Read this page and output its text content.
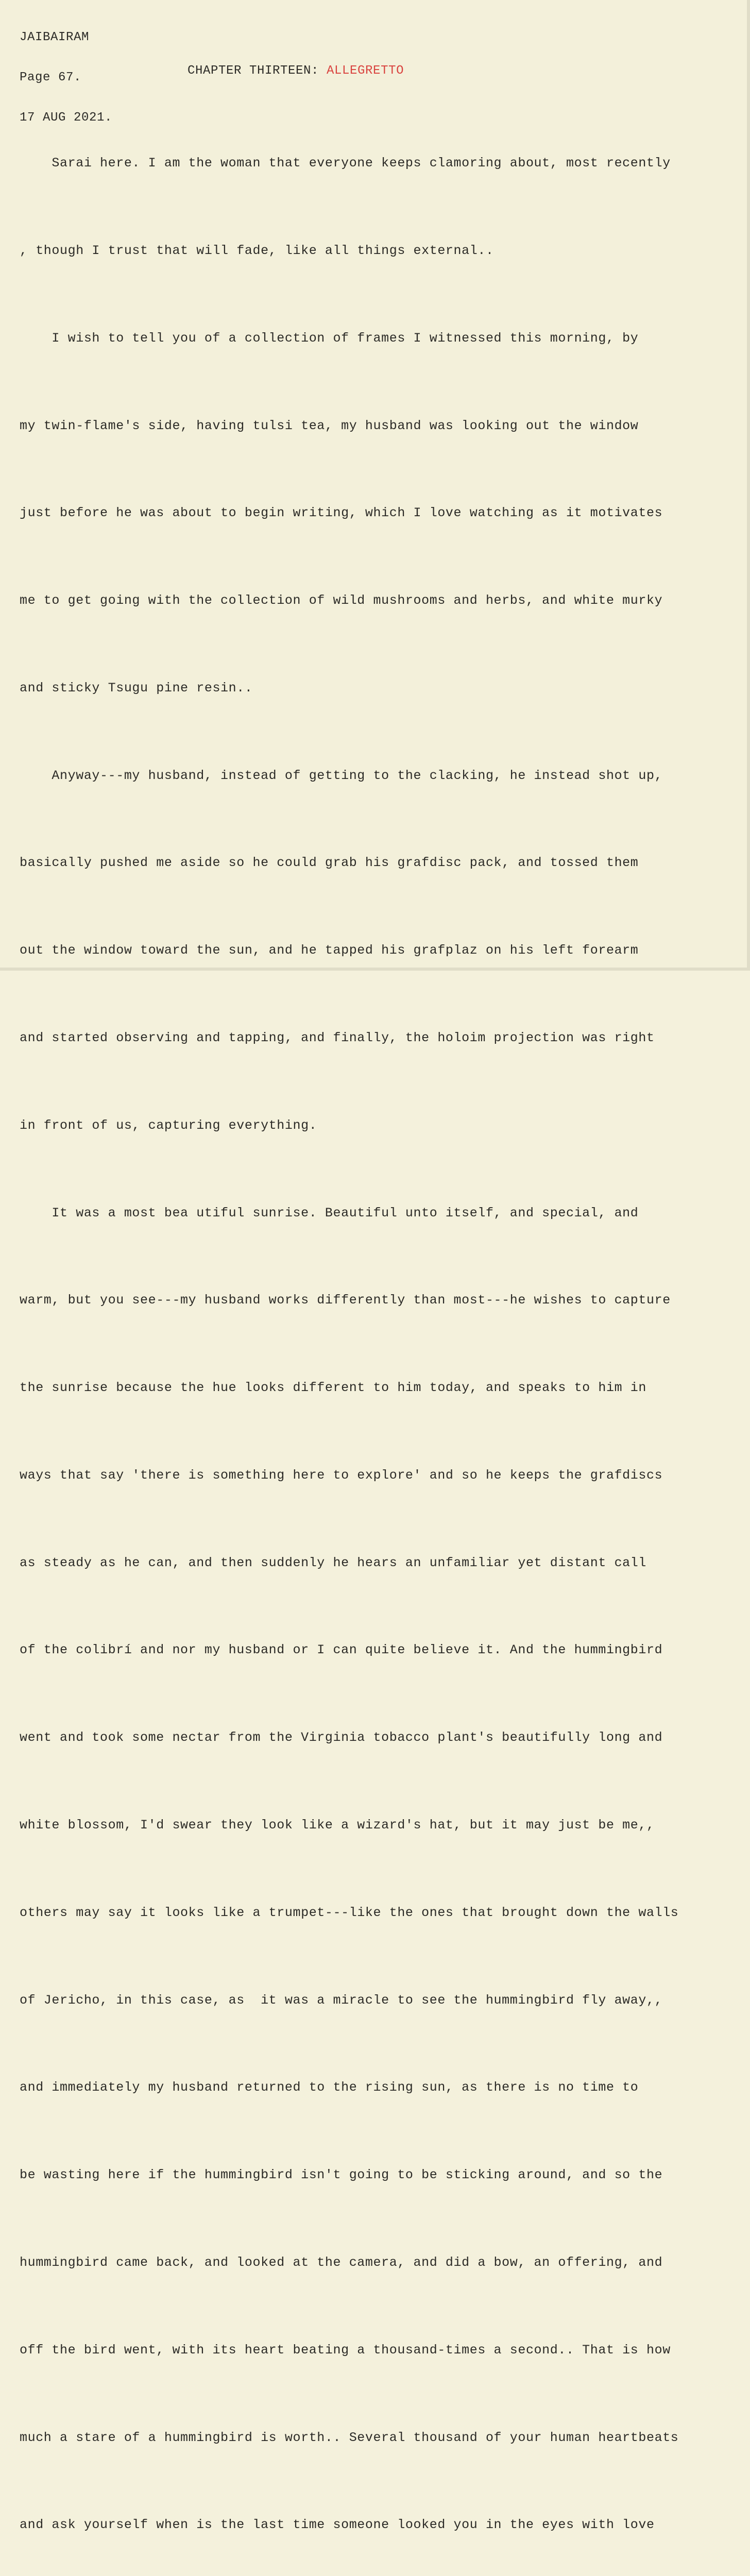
JAIBAIRAM

Page 67.

17 AUG 2021.

CHAPTER THIRTEEN: ALLEGRETTO

Sarai here. I am the woman that everyone keeps clamoring about, most recently

, though I trust that will fade, like all things external..

I wish to tell you of a collection of frames I witnessed this morning, by

my twin-flame's side, having tulsi tea, my husband was looking out the window

just before he was about to begin writing, which I love watching as it motivates

me to get going with the collection of wild mushrooms and herbs, and white murky

and sticky Tsugu pine resin..

Anyway---my husband, instead of getting to the clacking, he instead shot up,

basically pushed me aside so he could grab his grafdisc pack, and tossed them

out the window toward the sun, and he tapped his grafplaz on his left forearm

and started observing and tapping, and finally, the holoim projection was right

in front of us, capturing everything.

It was a most bea utiful sunrise. Beautiful unto itself, and special, and

warm, but you see---my husband works differently than most---he wishes to capture

the sunrise because the hue looks different to him today, and speaks to him in

ways that say 'there is something here to explore' and so he keeps the grafdiscs

as steady as he can, and then suddenly he hears an unfamiliar yet distant call

of the colibrí and nor my husband or I can quite believe it. And the hummingbird

went and took some nectar from the Virginia tobacco plant's beautifully long and

white blossom, I'd swear they look like a wizard's hat, but it may just be me,,

others may say it looks like a trumpet---like the ones that brought down the walls

of Jericho, in this case, as  it was a miracle to see the hummingbird fly away,,

and immediately my husband returned to the rising sun, as there is no time to

be wasting here if the hummingbird isn't going to be sticking around, and so the

hummingbird came back, and looked at the camera, and did a bow, an offering, and

off the bird went, with its heart beating a thousand-times a second.. That is how

much a stare of a hummingbird is worth.. Several thousand of your human heartbeats

and ask yourself when is the last time someone looked you in the eyes with love
